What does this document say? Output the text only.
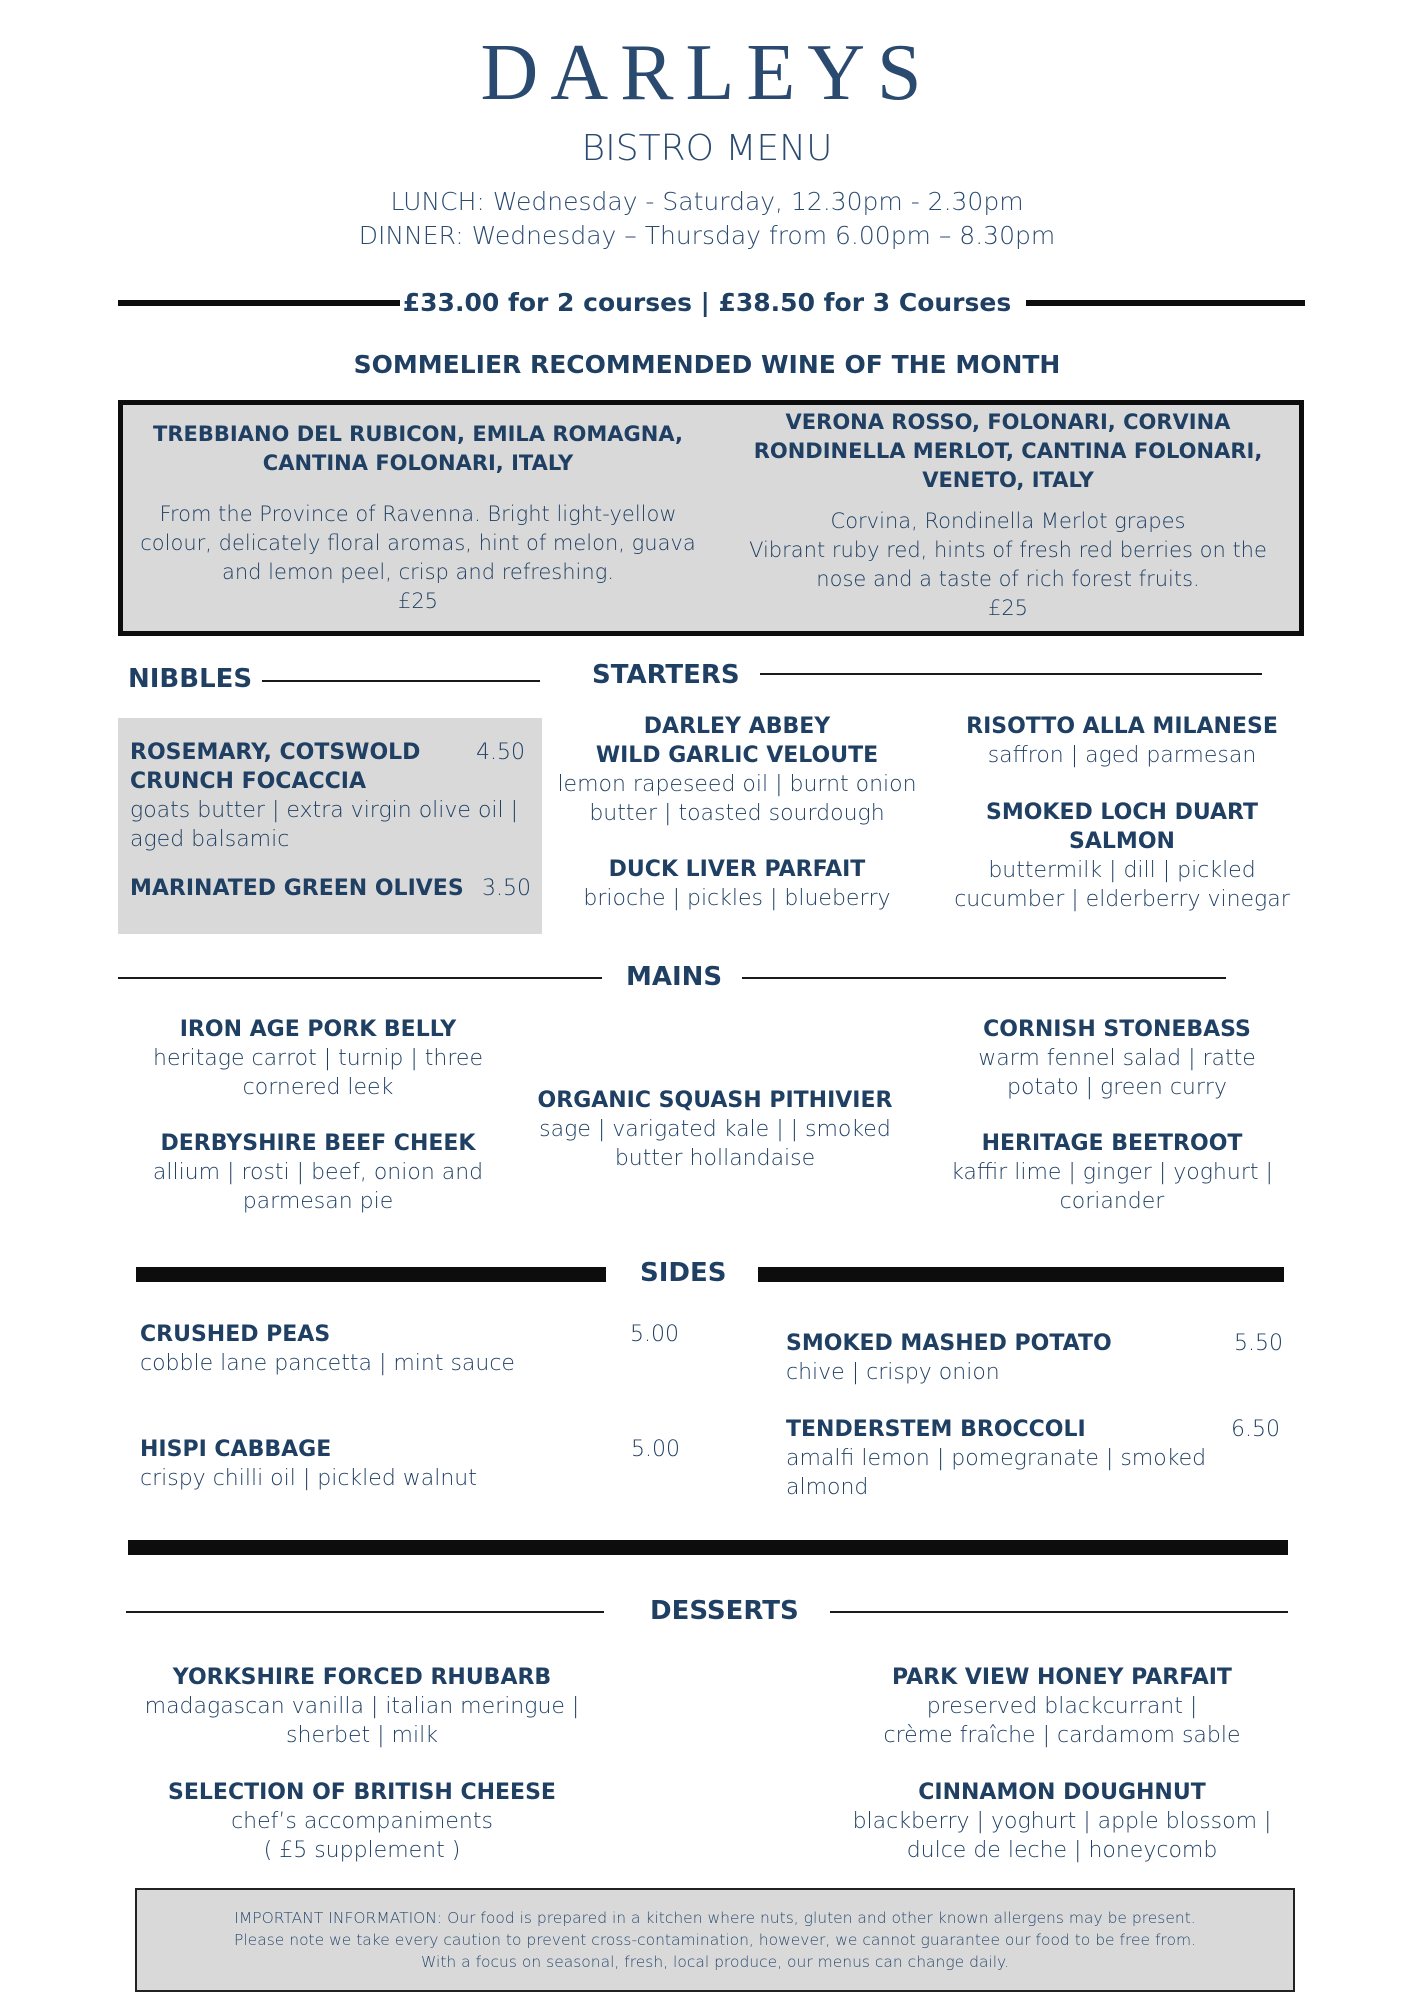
DARLEYS
BISTRO MENU
LUNCH: Wednesday - Saturday, 12.30pm - 2.30pm
DINNER: Wednesday – Thursday from 6.00pm – 8.30pm
£33.00 for 2 courses | £38.50 for 3 Courses
SOMMELIER RECOMMENDED WINE OF THE MONTH
TREBBIANO DEL RUBICON, EMILA ROMAGNA,
CANTINA FOLONARI, ITALY
From the Province of Ravenna. Bright light-yellow
colour, delicately floral aromas, hint of melon, guava
and lemon peel, crisp and refreshing.
£25
VERONA ROSSO, FOLONARI, CORVINA
RONDINELLA MERLOT, CANTINA FOLONARI,
VENETO, ITALY
Corvina, Rondinella Merlot grapes
Vibrant ruby red, hints of fresh red berries on the
nose and a taste of rich forest fruits.
£25
NIBBLES
ROSEMARY, COTSWOLD
CRUNCH FOCACCIA
goats butter | extra virgin olive oil |
aged balsamic
4.50
MARINATED GREEN OLIVES 3.50
STARTERS
DARLEY ABBEY
WILD GARLIC VELOUTE
lemon rapeseed oil | burnt onion
butter | toasted sourdough
DUCK LIVER PARFAIT
brioche | pickles | blueberry
RISOTTO ALLA MILANESE
saffron | aged parmesan
SMOKED LOCH DUART
SALMON
buttermilk | dill | pickled
cucumber | elderberry vinegar
MAINS
IRON AGE PORK BELLY
heritage carrot | turnip | three
cornered leek
DERBYSHIRE BEEF CHEEK
allium | rosti | beef, onion and
parmesan pie
ORGANIC SQUASH PITHIVIER
sage | varigated kale | | smoked
butter hollandaise
CORNISH STONEBASS
warm fennel salad | ratte
potato | green curry
HERITAGE BEETROOT
kaffir lime | ginger | yoghurt |
coriander
SIDES
CRUSHED PEAS
cobble lane pancetta | mint sauce
5.00
HISPI CABBAGE
crispy chilli oil | pickled walnut
5.00
SMOKED MASHED POTATO
chive | crispy onion
5.50
TENDERSTEM BROCCOLI
amalfi lemon | pomegranate | smoked
almond
6.50
DESSERTS
YORKSHIRE FORCED RHUBARB
madagascan vanilla | italian meringue |
sherbet | milk
SELECTION OF BRITISH CHEESE
chef’s accompaniments
( £5 supplement )
PARK VIEW HONEY PARFAIT
preserved blackcurrant |
crème fraîche | cardamom sable
CINNAMON DOUGHNUT
blackberry | yoghurt | apple blossom |
dulce de leche | honeycomb
IMPORTANT INFORMATION: Our food is prepared in a kitchen where nuts, gluten and other known allergens may be present.
Please note we take every caution to prevent cross-contamination, however, we cannot guarantee our food to be free from.
With a focus on seasonal, fresh, local produce, our menus can change daily.
